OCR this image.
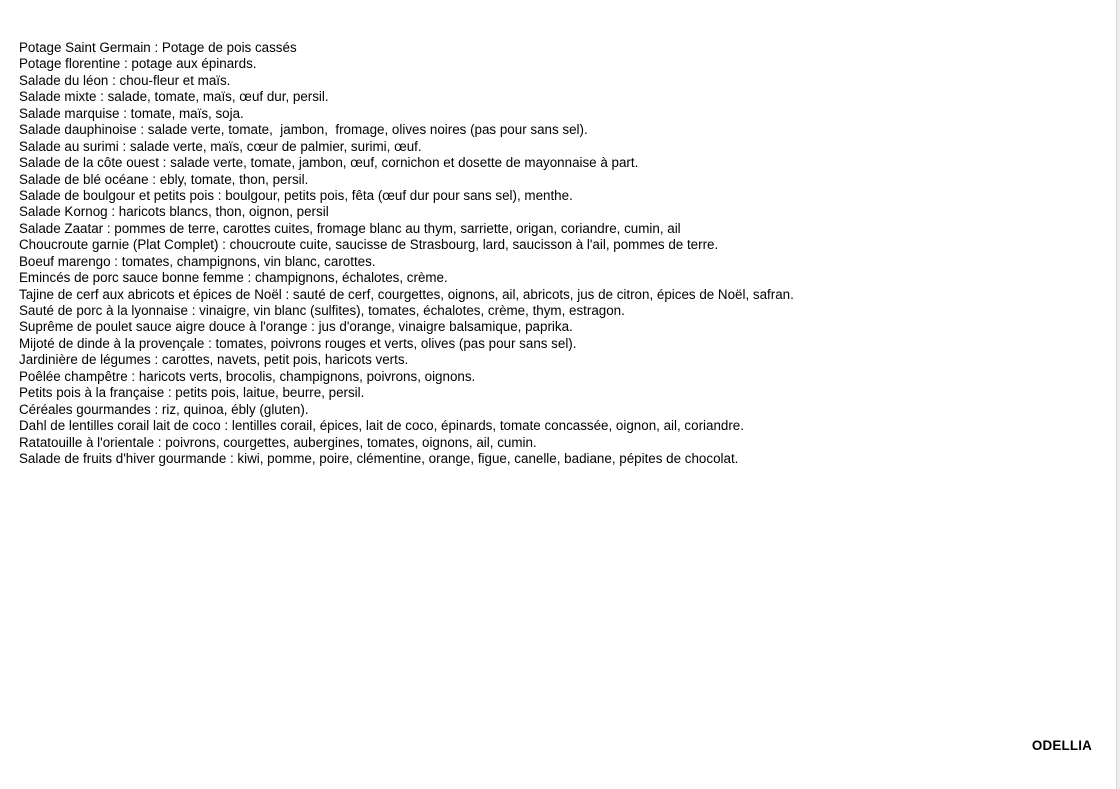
Potage Saint Germain : Potage de pois cassés
Potage florentine : potage aux épinards.
Salade du léon : chou-fleur et maïs.
Salade mixte : salade, tomate, maïs, œuf dur, persil.
Salade marquise : tomate, maïs, soja.
Salade dauphinoise : salade verte, tomate,  jambon,  fromage, olives noires (pas pour sans sel).
Salade au surimi : salade verte, maïs, cœur de palmier, surimi, œuf.
Salade de la côte ouest : salade verte, tomate, jambon, œuf, cornichon et dosette de mayonnaise à part.
Salade de blé océane : ebly, tomate, thon, persil.
Salade de boulgour et petits pois : boulgour, petits pois, fêta (œuf dur pour sans sel), menthe.
Salade Kornog : haricots blancs, thon, oignon, persil
Salade Zaatar : pommes de terre, carottes cuites, fromage blanc au thym, sarriette, origan, coriandre, cumin, ail
Choucroute garnie (Plat Complet) : choucroute cuite, saucisse de Strasbourg, lard, saucisson à l'ail, pommes de terre.
Boeuf marengo : tomates, champignons, vin blanc, carottes.
Emincés de porc sauce bonne femme : champignons, échalotes, crème.
Tajine de cerf aux abricots et épices de Noël : sauté de cerf, courgettes, oignons, ail, abricots, jus de citron, épices de Noël, safran.
Sauté de porc à la lyonnaise : vinaigre, vin blanc (sulfites), tomates, échalotes, crème, thym, estragon.
Suprême de poulet sauce aigre douce à l'orange : jus d'orange, vinaigre balsamique, paprika.
Mijoté de dinde à la provençale : tomates, poivrons rouges et verts, olives (pas pour sans sel).
Jardinière de légumes : carottes, navets, petit pois, haricots verts.
Poêlée champêtre : haricots verts, brocolis, champignons, poivrons, oignons.
Petits pois à la française : petits pois, laitue, beurre, persil.
Céréales gourmandes : riz, quinoa, ébly (gluten).
Dahl de lentilles corail lait de coco : lentilles corail, épices, lait de coco, épinards, tomate concassée, oignon, ail, coriandre.
Ratatouille à l'orientale : poivrons, courgettes, aubergines, tomates, oignons, ail, cumin.
Salade de fruits d'hiver gourmande : kiwi, pomme, poire, clémentine, orange, figue, canelle, badiane, pépites de chocolat.
ODELLIA
